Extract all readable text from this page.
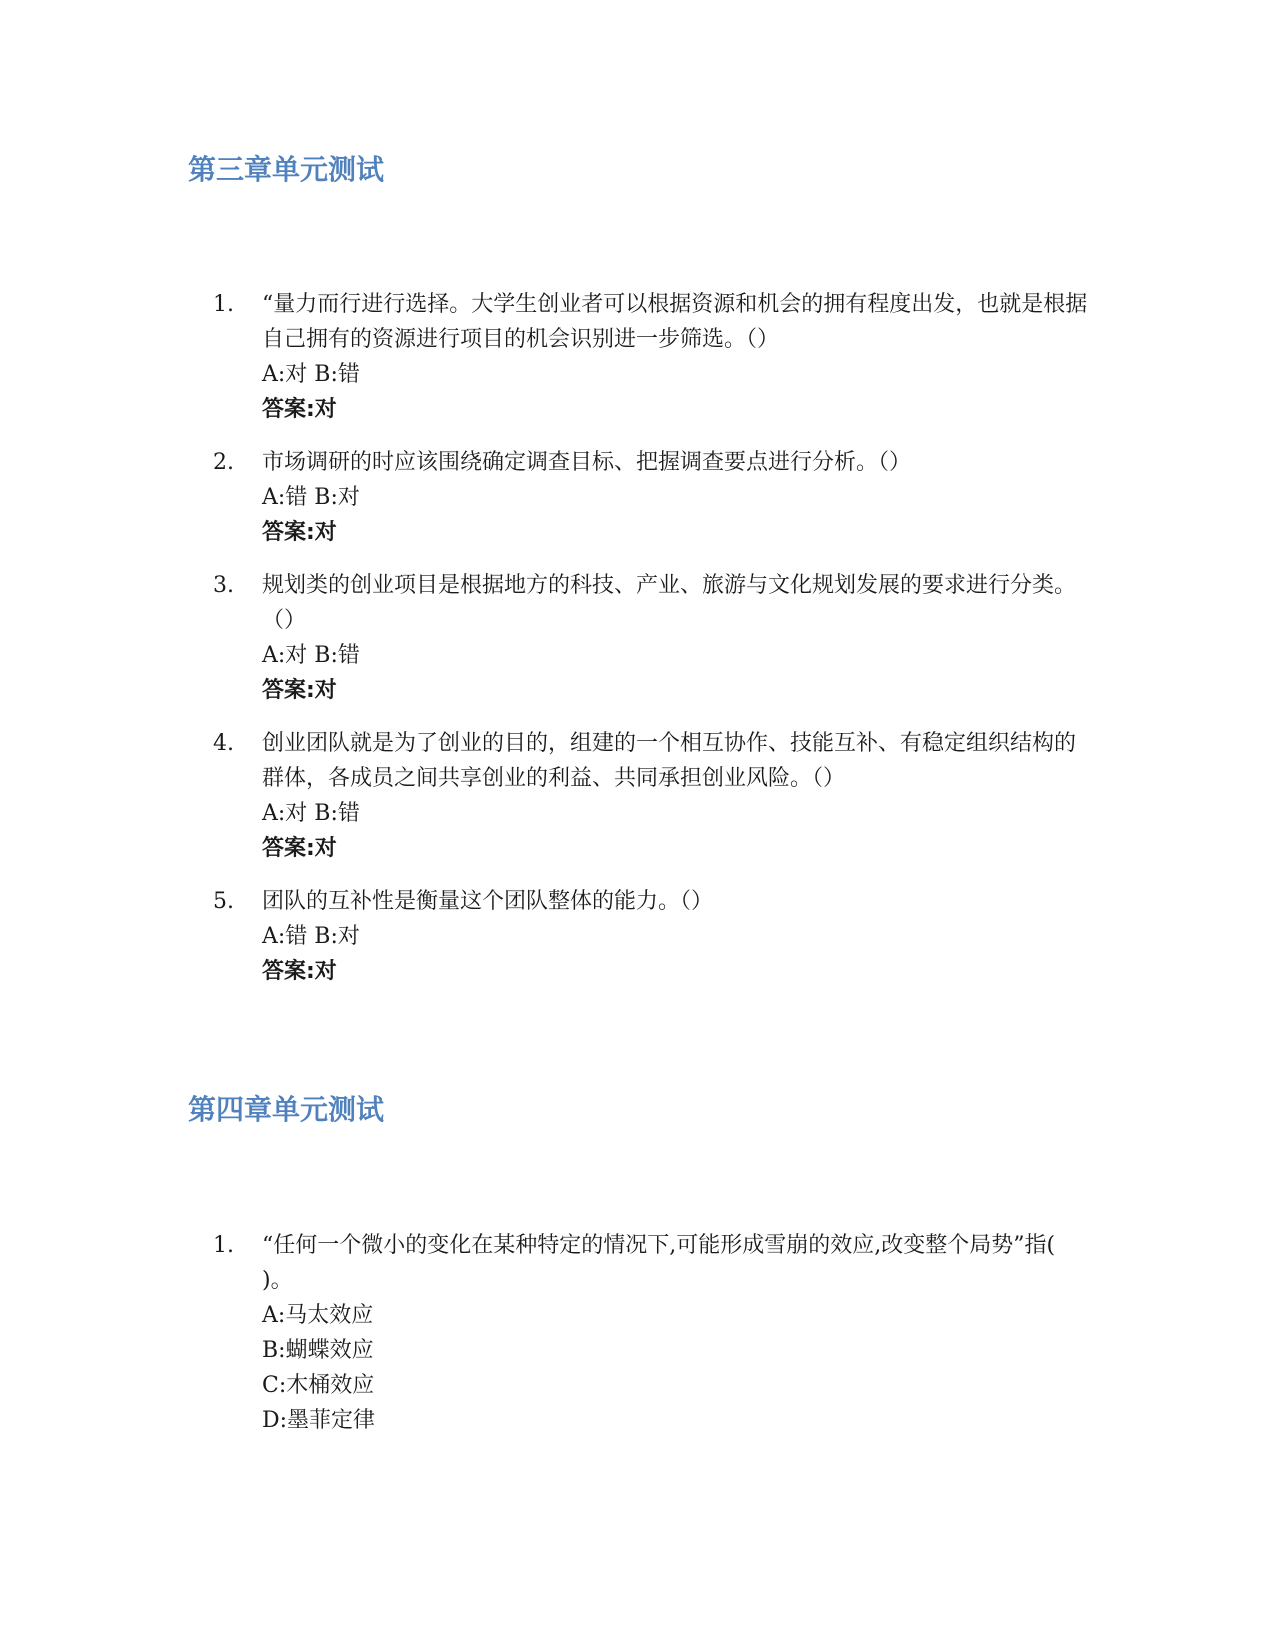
第三章单元测试
1. “量力而行进行选择。大学生创业者可以根据资源和机会的拥有程度出发，也就是根据自己拥有的资源进行项目的机会识别进一步筛选。（）
A:对 B:错
答案:对
2. 市场调研的时应该围绕确定调查目标、把握调查要点进行分析。（）
A:错 B:对
答案:对
3. 规划类的创业项目是根据地方的科技、产业、旅游与文化规划发展的要求进行分类。（）
A:对 B:错
答案:对
4. 创业团队就是为了创业的目的，组建的一个相互协作、技能互补、有稳定组织结构的群体，各成员之间共享创业的利益、共同承担创业风险。（）
A:对 B:错
答案:对
5. 团队的互补性是衡量这个团队整体的能力。（）
A:错 B:对
答案:对
第四章单元测试
1. “任何一个微小的变化在某种特定的情况下,可能形成雪崩的效应,改变整个局势”指( )。
A:马太效应
B:蝴蝶效应
C:木桶效应
D:墨菲定律
